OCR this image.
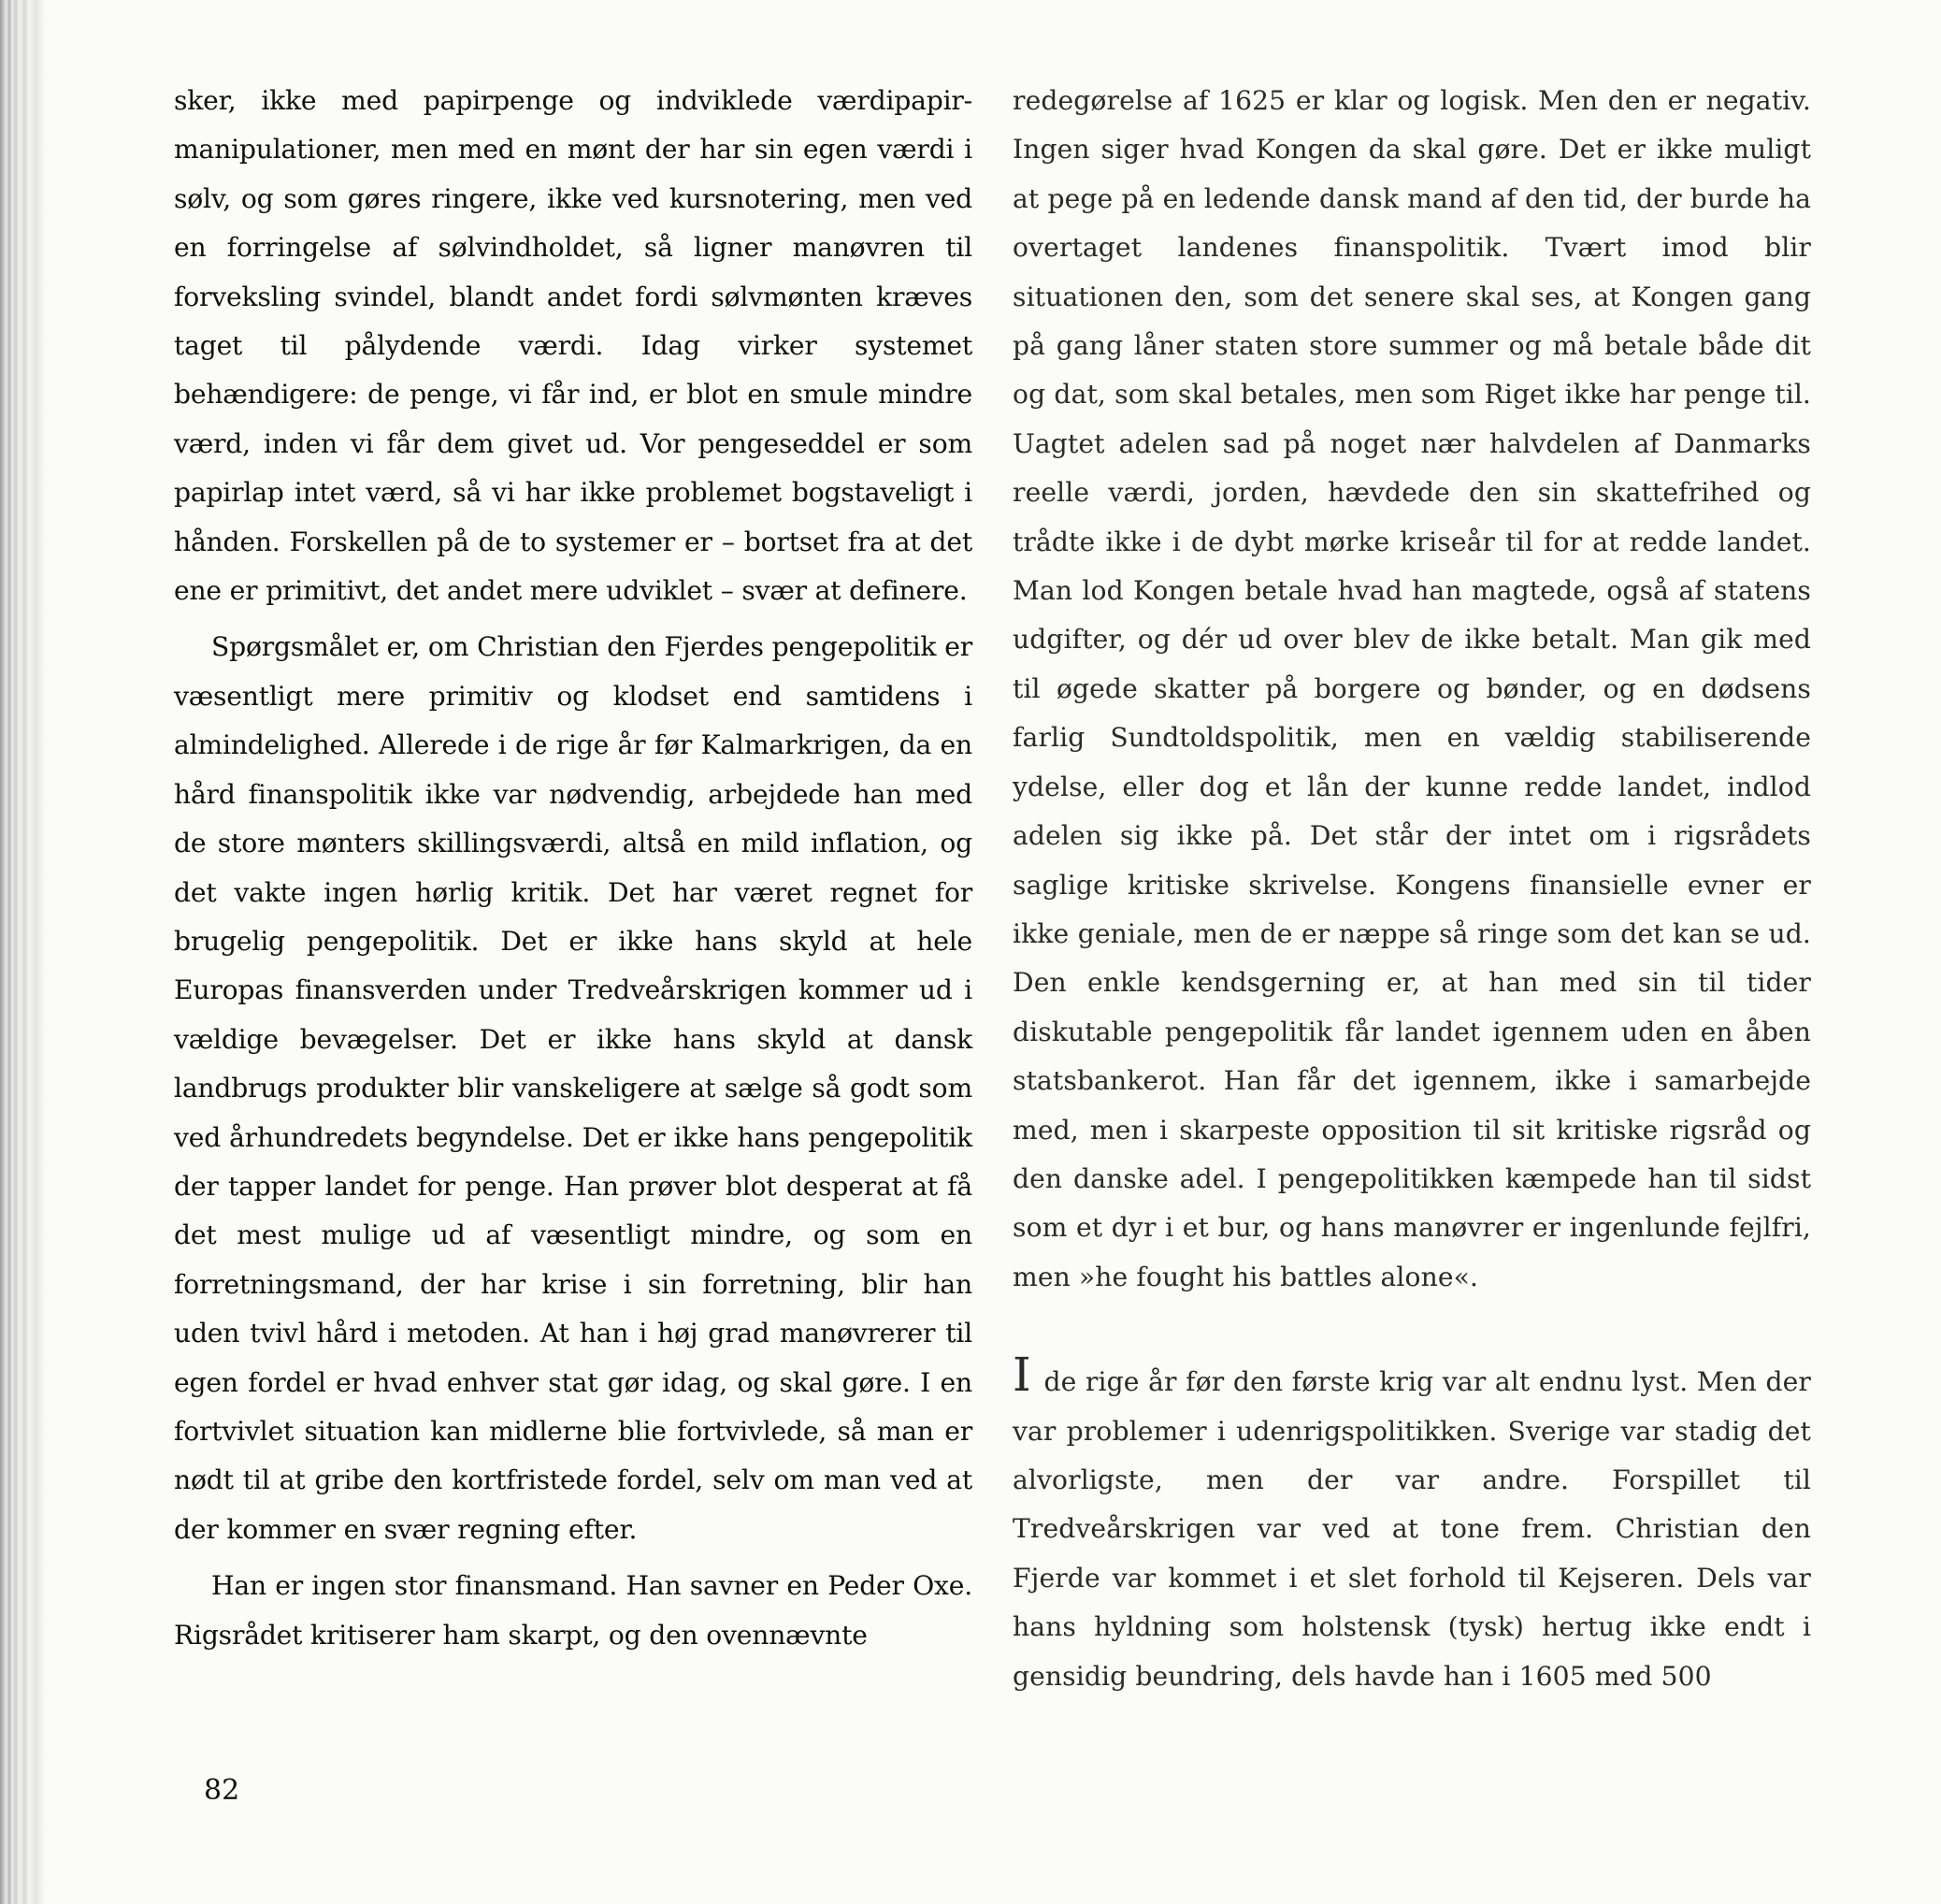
sker, ikke med papirpenge og indviklede værdipapir-manipulationer, men med en mønt der har sin egen værdi i sølv, og som gøres ringere, ikke ved kursnotering, men ved en forringelse af sølvindholdet, så ligner manøvren til forveksling svindel, blandt andet fordi sølvmønten kræves taget til pålydende værdi. Idag virker systemet behændigere: de penge, vi får ind, er blot en smule mindre værd, inden vi får dem givet ud. Vor pengeseddel er som papirlap intet værd, så vi har ikke problemet bogstaveligt i hånden. Forskellen på de to systemer er – bortset fra at det ene er primitivt, det andet mere udviklet – svær at definere.

Spørgsmålet er, om Christian den Fjerdes pengepolitik er væsentligt mere primitiv og klodset end samtidens i almindelighed. Allerede i de rige år før Kalmarkrigen, da en hård finanspolitik ikke var nødvendig, arbejdede han med de store mønters skillingsværdi, altså en mild inflation, og det vakte ingen hørlig kritik. Det har været regnet for brugelig pengepolitik. Det er ikke hans skyld at hele Europas finansverden under Tredveårskrigen kommer ud i vældige bevægelser. Det er ikke hans skyld at dansk landbrugs produkter blir vanskeligere at sælge så godt som ved århundredets begyndelse. Det er ikke hans pengepolitik der tapper landet for penge. Han prøver blot desperat at få det mest mulige ud af væsentligt mindre, og som en forretningsmand, der har krise i sin forretning, blir han uden tvivl hård i metoden. At han i høj grad manøvrerer til egen fordel er hvad enhver stat gør idag, og skal gøre. I en fortvivlet situation kan midlerne blie fortvivlede, så man er nødt til at gribe den kortfristede fordel, selv om man ved at der kommer en svær regning efter.

Han er ingen stor finansmand. Han savner en Peder Oxe. Rigsrådet kritiserer ham skarpt, og den ovennævnte

redegørelse af 1625 er klar og logisk. Men den er negativ. Ingen siger hvad Kongen da skal gøre. Det er ikke muligt at pege på en ledende dansk mand af den tid, der burde ha overtaget landenes finanspolitik. Tvært imod blir situationen den, som det senere skal ses, at Kongen gang på gang låner staten store summer og må betale både dit og dat, som skal betales, men som Riget ikke har penge til. Uagtet adelen sad på noget nær halvdelen af Danmarks reelle værdi, jorden, hævdede den sin skattefrihed og trådte ikke i de dybt mørke kriseår til for at redde landet. Man lod Kongen betale hvad han magtede, også af statens udgifter, og dér ud over blev de ikke betalt. Man gik med til øgede skatter på borgere og bønder, og en dødsens farlig Sundtoldspolitik, men en vældig stabiliserende ydelse, eller dog et lån der kunne redde landet, indlod adelen sig ikke på. Det står der intet om i rigsrådets saglige kritiske skrivelse. Kongens finansielle evner er ikke geniale, men de er næppe så ringe som det kan se ud. Den enkle kendsgerning er, at han med sin til tider diskutable pengepolitik får landet igennem uden en åben statsbankerot. Han får det igennem, ikke i samarbejde med, men i skarpeste opposition til sit kritiske rigsråd og den danske adel. I pengepolitikken kæmpede han til sidst som et dyr i et bur, og hans manøvrer er ingenlunde fejlfri, men »he fought his battles alone«.

I de rige år før den første krig var alt endnu lyst. Men der var problemer i udenrigspolitikken. Sverige var stadig det alvorligste, men der var andre. Forspillet til Tredveårskrigen var ved at tone frem. Christian den Fjerde var kommet i et slet forhold til Kejseren. Dels var hans hyldning som holstensk (tysk) hertug ikke endt i gensidig beundring, dels havde han i 1605 med 500

82
